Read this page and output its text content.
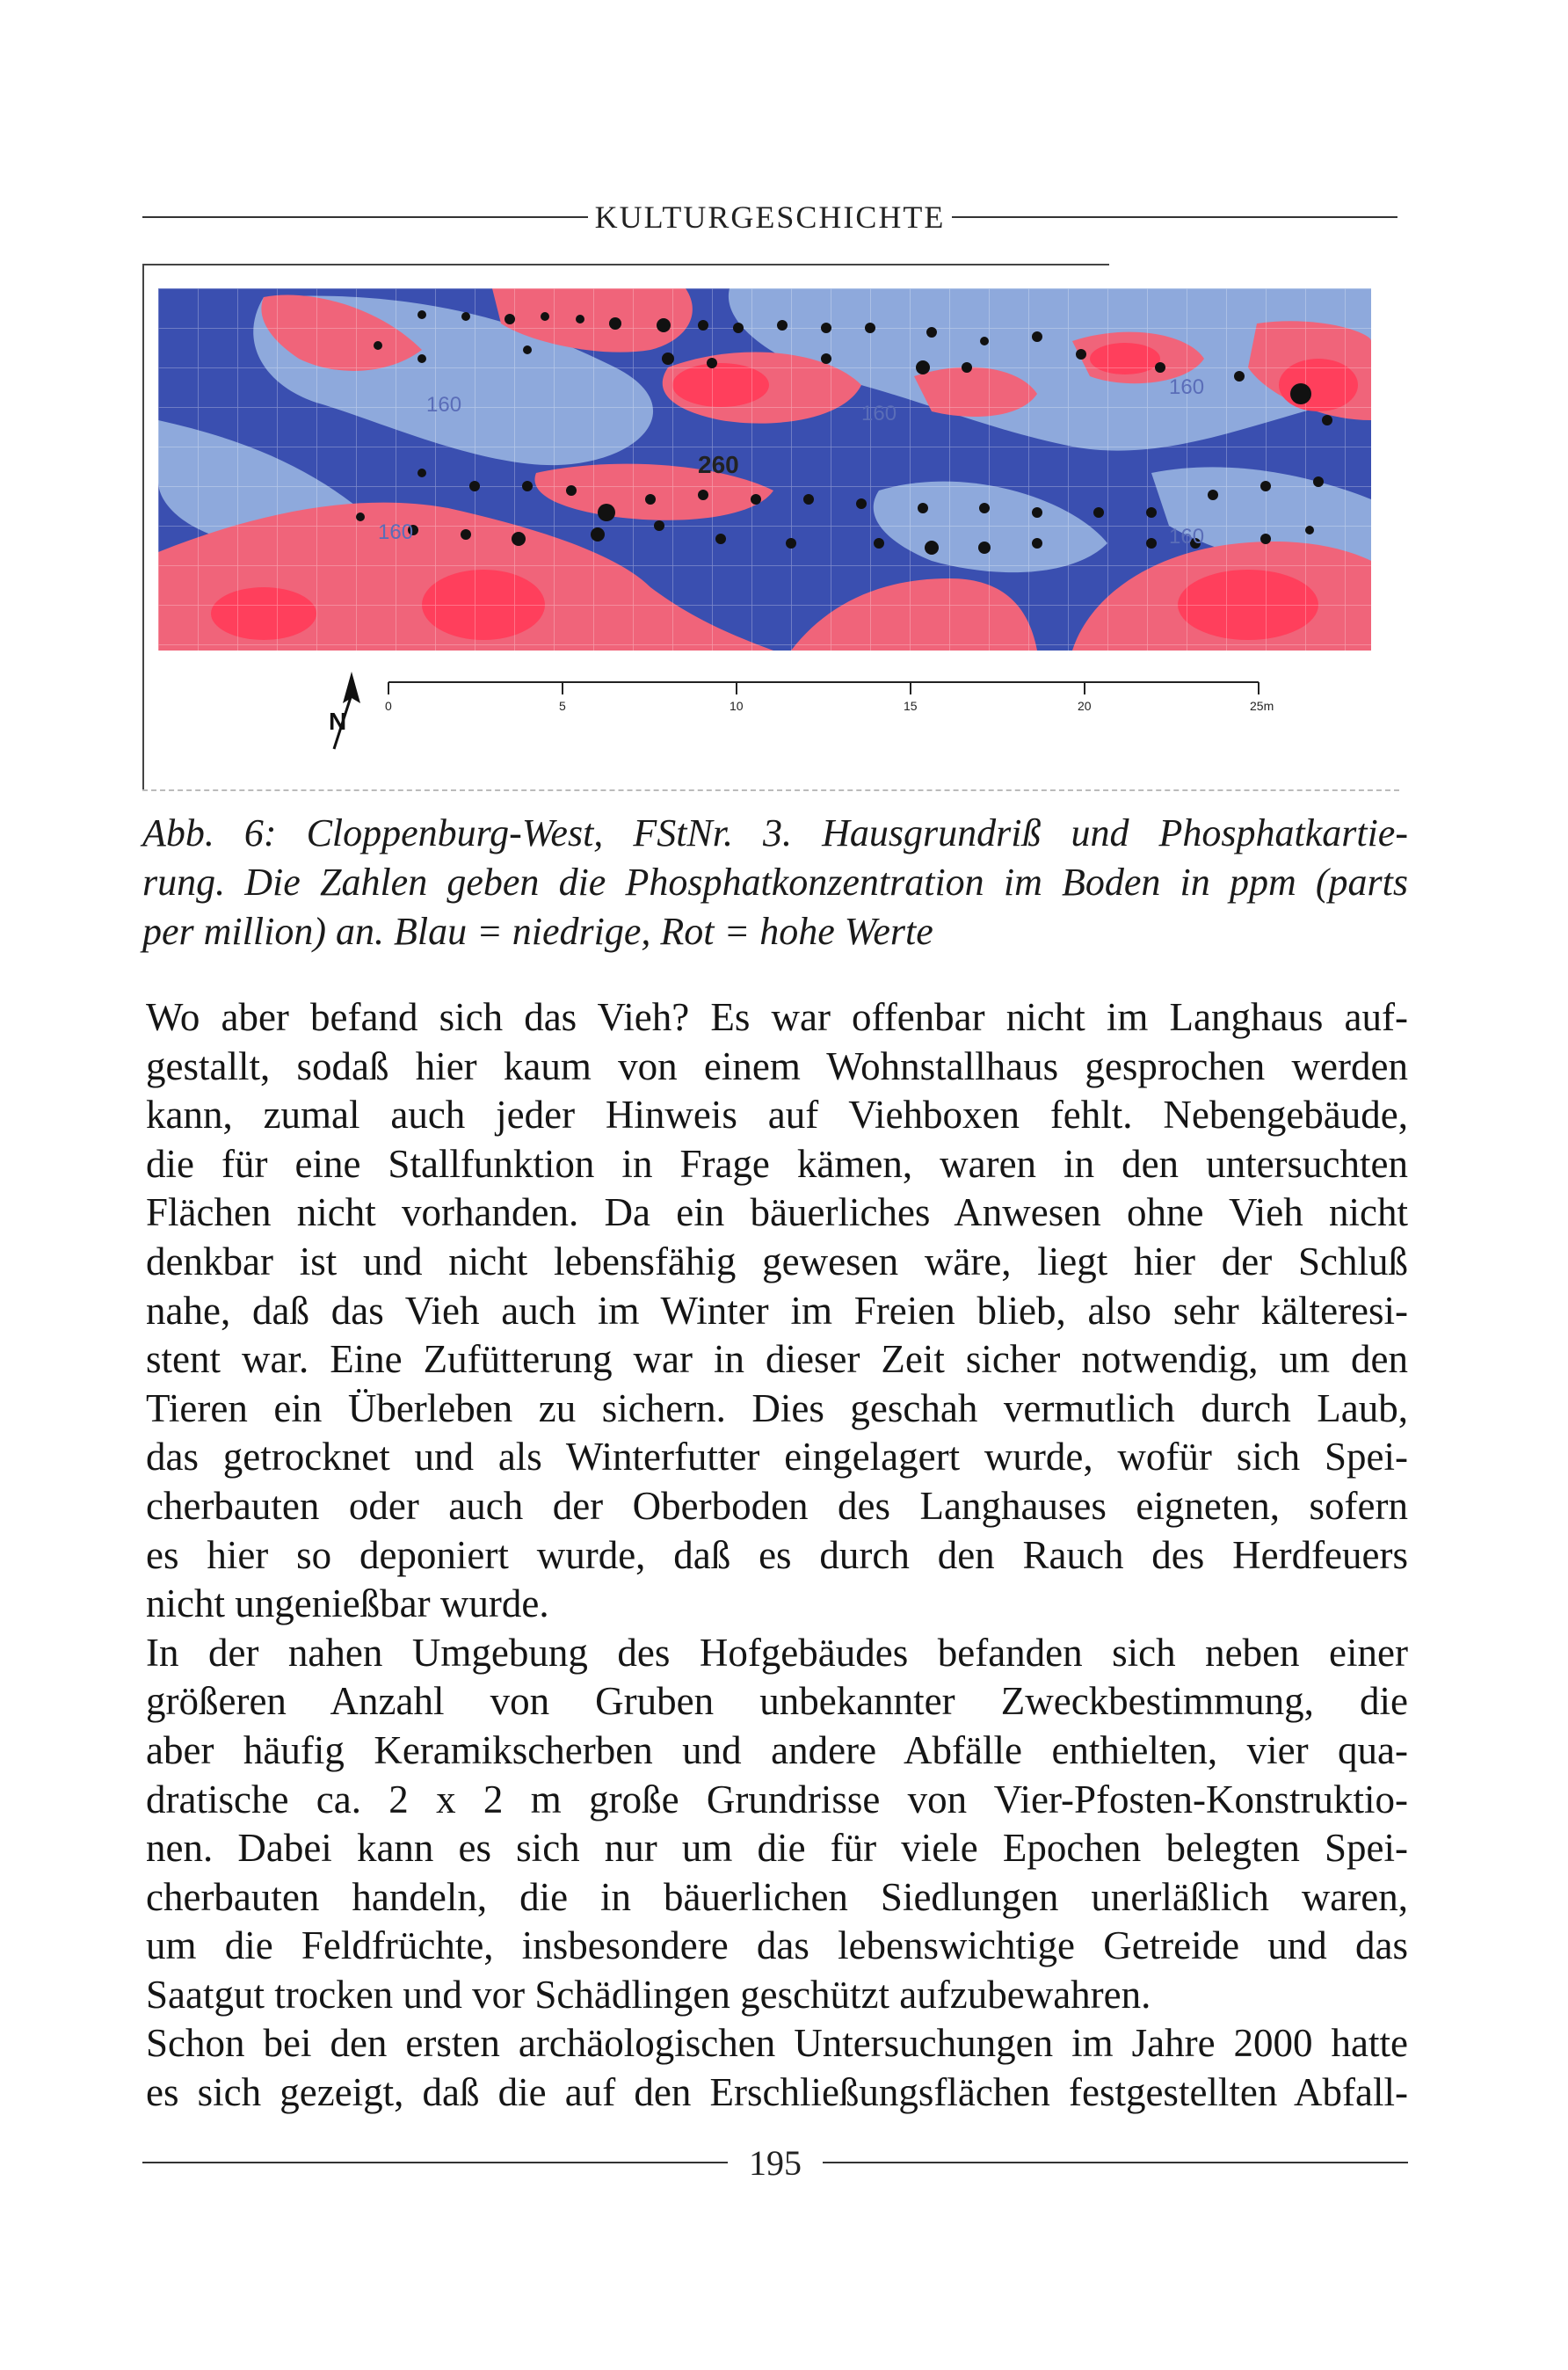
KULTURGESCHICHTE
260
160	160
160
160	160
N
0	5	10	15	20	25m
Abb. 6: Cloppenburg-West, FStNr. 3. Hausgrundriß und Phosphatkartie-
rung. Die Zahlen geben die Phosphatkonzentration im Boden in ppm (parts
per million) an. Blau = niedrige, Rot = hohe Werte
Wo aber befand sich das Vieh? Es war offenbar nicht im Langhaus auf-
gestallt, sodaß hier kaum von einem Wohnstallhaus gesprochen werden
kann, zumal auch jeder Hinweis auf Viehboxen fehlt. Nebengebäude,
die für eine Stallfunktion in Frage kämen, waren in den untersuchten
Flächen nicht vorhanden. Da ein bäuerliches Anwesen ohne Vieh nicht
denkbar ist und nicht lebensfähig gewesen wäre, liegt hier der Schluß
nahe, daß das Vieh auch im Winter im Freien blieb, also sehr kälteresi-
stent war. Eine Zufütterung war in dieser Zeit sicher notwendig, um den
Tieren ein Überleben zu sichern. Dies geschah vermutlich durch Laub,
das getrocknet und als Winterfutter eingelagert wurde, wofür sich Spei-
cherbauten oder auch der Oberboden des Langhauses eigneten, sofern
es hier so deponiert wurde, daß es durch den Rauch des Herdfeuers
nicht ungenießbar wurde.
In der nahen Umgebung des Hofgebäudes befanden sich neben einer
größeren Anzahl von Gruben unbekannter Zweckbestimmung, die
aber häufig Keramikscherben und andere Abfälle enthielten, vier qua-
dratische ca. 2 x 2 m große Grundrisse von Vier-Pfosten-Konstruktio-
nen. Dabei kann es sich nur um die für viele Epochen belegten Spei-
cherbauten handeln, die in bäuerlichen Siedlungen unerläßlich waren,
um die Feldfrüchte, insbesondere das lebenswichtige Getreide und das
Saatgut trocken und vor Schädlingen geschützt aufzubewahren.
Schon bei den ersten archäologischen Untersuchungen im Jahre 2000 hatte
es sich gezeigt, daß die auf den Erschließungsflächen festgestellten Abfall-
195
